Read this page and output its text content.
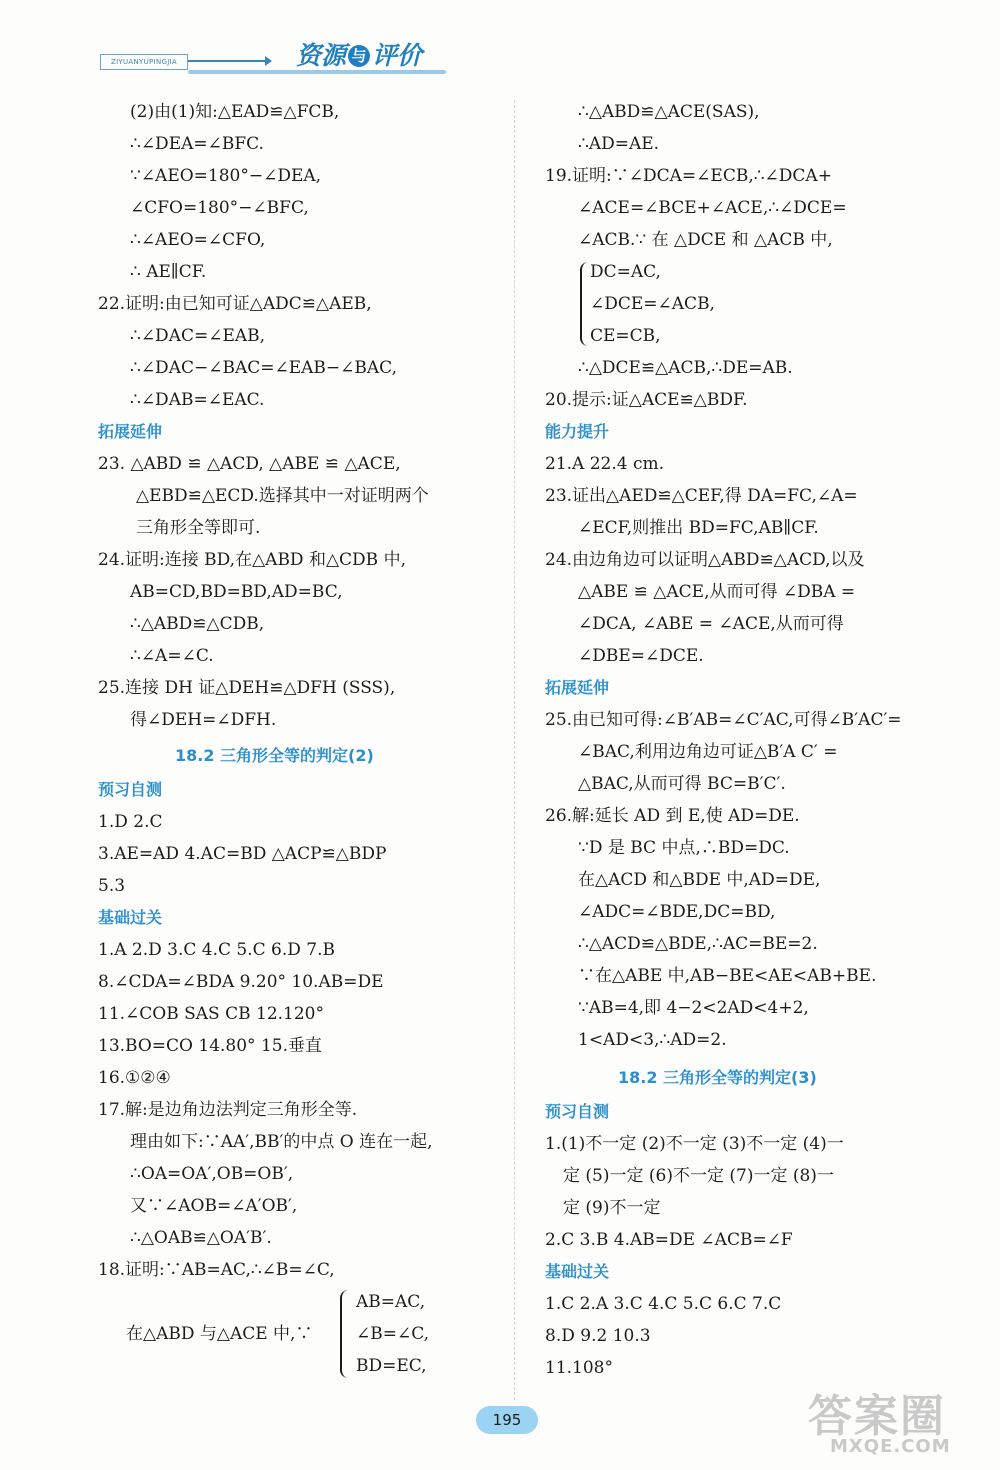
ZIYUANYUPINGJIA	资源 与 评价
(2)由(1)知:△EAD≌△FCB,
∴∠DEA=∠BFC.
∵∠AEO=180°−∠DEA,
∠CFO=180°−∠BFC,
∴∠AEO=∠CFO,
∴ AE∥CF.
22.证明:由已知可证△ADC≌△AEB,
∴∠DAC=∠EAB,
∴∠DAC−∠BAC=∠EAB−∠BAC,
∴∠DAB=∠EAC.
拓展延伸
23. △ABD ≌ △ACD, △ABE ≌ △ACE,
△EBD≌△ECD.选择其中一对证明两个
三角形全等即可.
24.证明:连接 BD,在△ABD 和△CDB 中,
AB=CD,BD=BD,AD=BC,
∴△ABD≌△CDB,
∴∠A=∠C.
25.连接 DH 证△DEH≌△DFH (SSS),
得∠DEH=∠DFH.
18.2 三角形全等的判定(2)
预习自测
1.D 2.C
3.AE=AD 4.AC=BD △ACP≌△BDP
5.3
基础过关
1.A 2.D 3.C 4.C 5.C 6.D 7.B
8.∠CDA=∠BDA 9.20° 10.AB=DE
11.∠COB SAS CB 12.120°
13.BO=CO 14.80° 15.垂直
16.①②④
17.解:是边角边法判定三角形全等.
理由如下:∵AA′,BB′的中点 O 连在一起,
∴OA=OA′,OB=OB′,
又∵∠AOB=∠A′OB′,
∴△OAB≌△OA′B′.
18.证明:∵AB=AC,∴∠B=∠C,
AB=AC,
在△ABD 与△ACE 中,∵	∠B=∠C,
BD=EC,
∴△ABD≌△ACE(SAS),
∴AD=AE.
19.证明:∵∠DCA=∠ECB,∴∠DCA+
∠ACE=∠BCE+∠ACE,∴∠DCE=
∠ACB.∵ 在 △DCE 和 △ACB 中,
DC=AC,
∠DCE=∠ACB,
CE=CB,
∴△DCE≌△ACB,∴DE=AB.
20.提示:证△ACE≌△BDF.
能力提升
21.A 22.4 cm.
23.证出△AED≌△CEF,得 DA=FC,∠A=
∠ECF,则推出 BD=FC,AB∥CF.
24.由边角边可以证明△ABD≌△ACD,以及
△ABE ≌ △ACE,从而可得 ∠DBA =
∠DCA, ∠ABE = ∠ACE,从而可得
∠DBE=∠DCE.
拓展延伸
25.由已知可得:∠B′AB=∠C′AC,可得∠B′AC′=
∠BAC,利用边角边可证△B′A C′ =
△BAC,从而可得 BC=B′C′.
26.解:延长 AD 到 E,使 AD=DE.
∵D 是 BC 中点,∴BD=DC.
在△ACD 和△BDE 中,AD=DE,
∠ADC=∠BDE,DC=BD,
∴△ACD≌△BDE,∴AC=BE=2.
∵在△ABE 中,AB−BE<AE<AB+BE.
∵AB=4,即 4−2<2AD<4+2,
1<AD<3,∴AD=2.
18.2 三角形全等的判定(3)
预习自测
1.(1)不一定 (2)不一定 (3)不一定 (4)一
定 (5)一定 (6)不一定 (7)一定 (8)一
定 (9)不一定
2.C 3.B 4.AB=DE ∠ACB=∠F
基础过关
1.C 2.A 3.C 4.C 5.C 6.C 7.C
8.D 9.2 10.3
11.108°
195	答案圈
MXQE.COM
